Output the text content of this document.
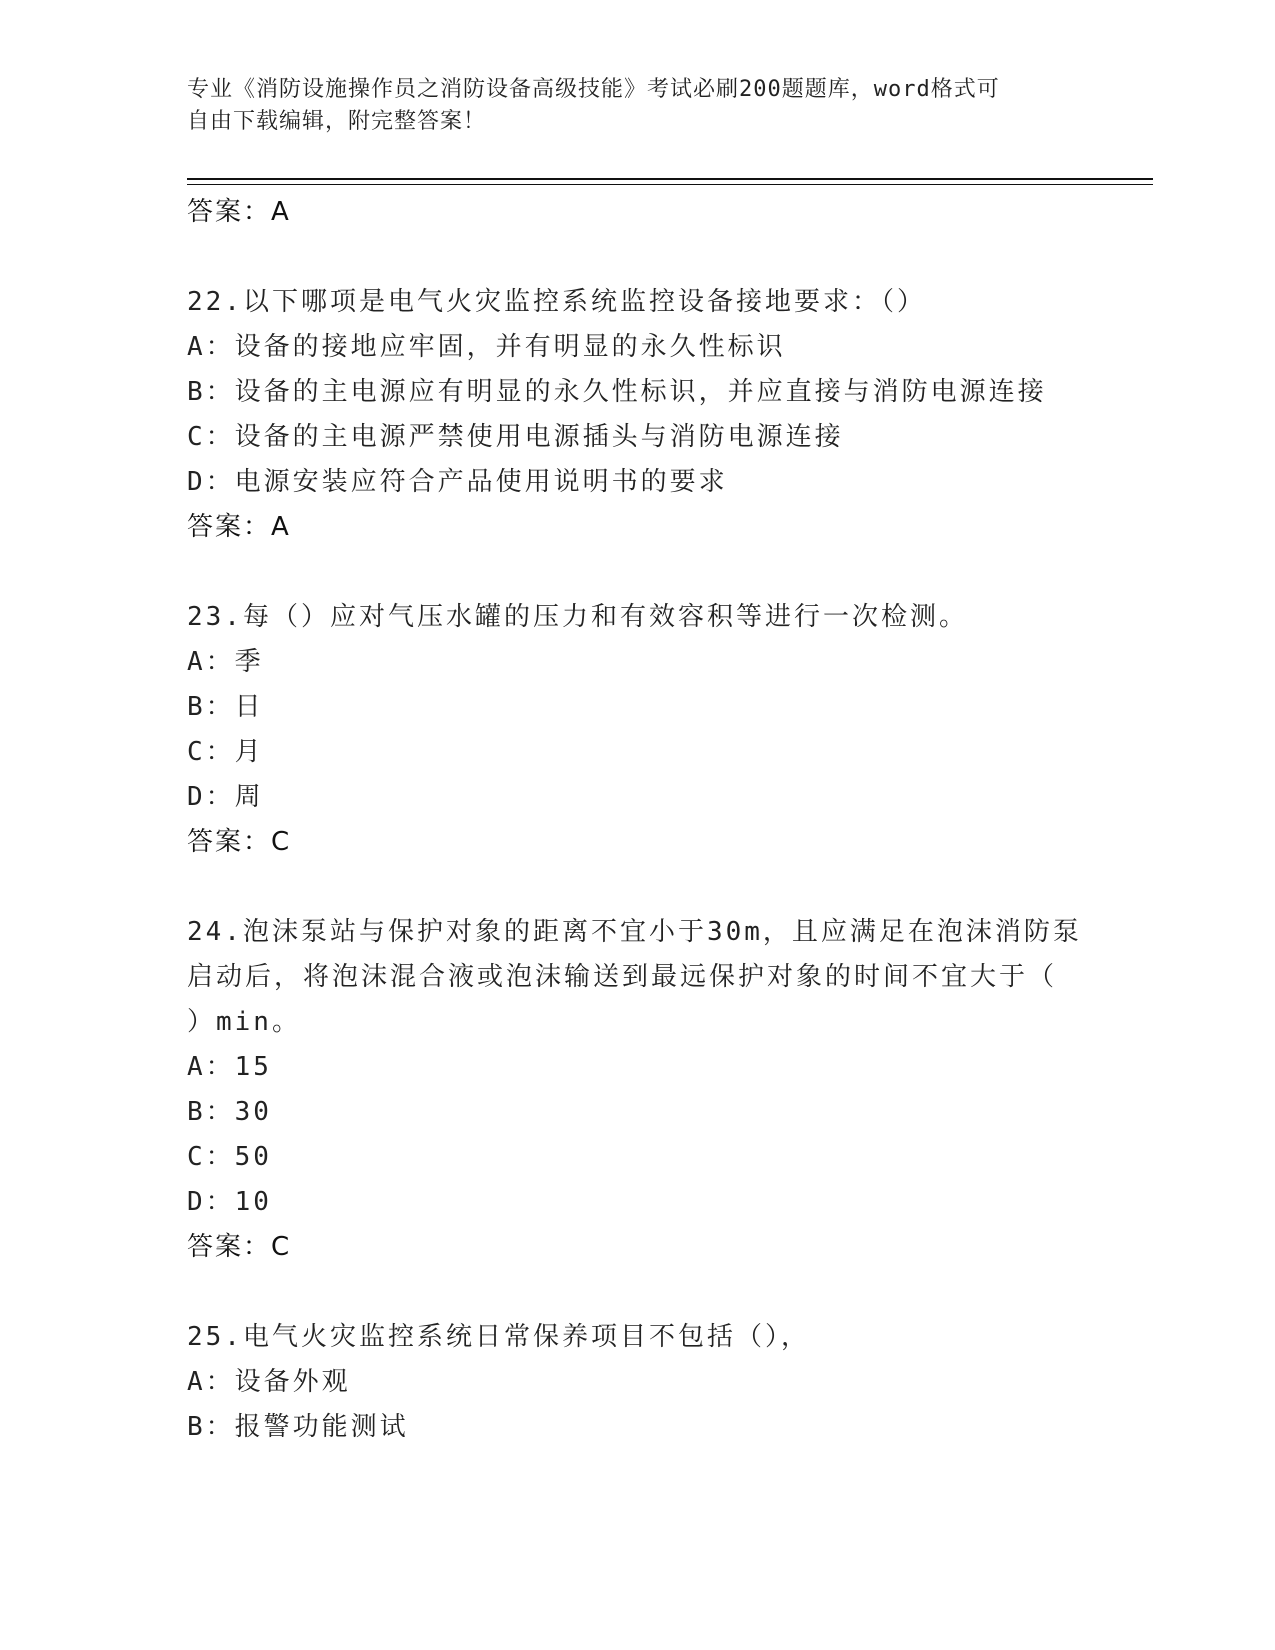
专业《消防设施操作员之消防设备高级技能》考试必刷200题题库，word格式可
自由下载编辑，附完整答案！
答案：A
22.以下哪项是电气火灾监控系统监控设备接地要求：（）
A：设备的接地应牢固，并有明显的永久性标识
B：设备的主电源应有明显的永久性标识，并应直接与消防电源连接
C：设备的主电源严禁使用电源插头与消防电源连接
D：电源安装应符合产品使用说明书的要求
答案：A
23.每（）应对气压水罐的压力和有效容积等进行一次检测。
A：季
B：日
C：月
D：周
答案：C
24.泡沫泵站与保护对象的距离不宜小于30m，且应满足在泡沫消防泵
启动后，将泡沫混合液或泡沫输送到最远保护对象的时间不宜大于（
）min。
A：15
B：30
C：50
D：10
答案：C
25.电气火灾监控系统日常保养项目不包括（），
A：设备外观
B：报警功能测试
